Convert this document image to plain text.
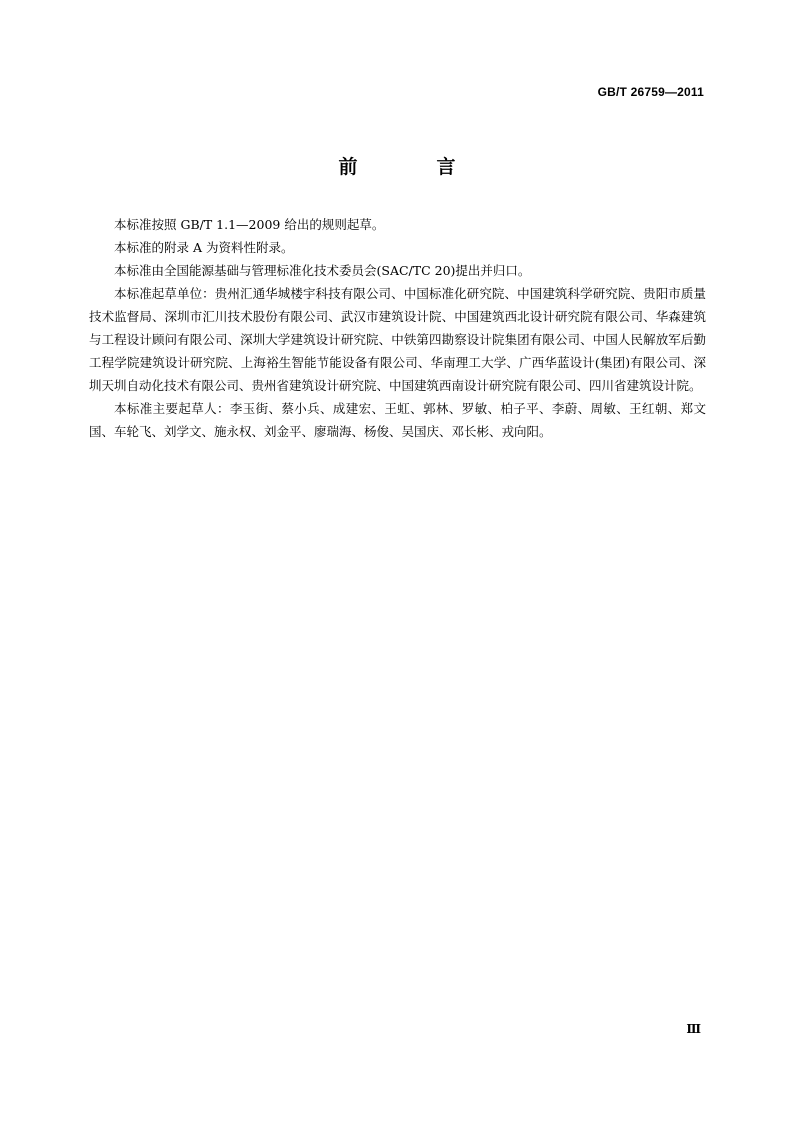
GB/T 26759—2011
前　言

本标准按照 GB/T 1.1—2009 给出的规则起草。

本标准的附录 A 为资料性附录。

本标准由全国能源基础与管理标准化技术委员会(SAC/TC 20)提出并归口。

本标准起草单位：贵州汇通华城楼宇科技有限公司、中国标准化研究院、中国建筑科学研究院、贵阳市质量技术监督局、深圳市汇川技术股份有限公司、武汉市建筑设计院、中国建筑西北设计研究院有限公司、华森建筑与工程设计顾问有限公司、深圳大学建筑设计研究院、中铁第四勘察设计院集团有限公司、中国人民解放军后勤工程学院建筑设计研究院、上海裕生智能节能设备有限公司、华南理工大学、广西华蓝设计(集团)有限公司、深圳天圳自动化技术有限公司、贵州省建筑设计研究院、中国建筑西南设计研究院有限公司、四川省建筑设计院。

本标准主要起草人：李玉街、蔡小兵、成建宏、王虹、郭林、罗敏、柏子平、李蔚、周敏、王红朝、郑文国、车轮飞、刘学文、施永权、刘金平、廖瑞海、杨俊、吴国庆、邓长彬、戎向阳。

Ⅲ
